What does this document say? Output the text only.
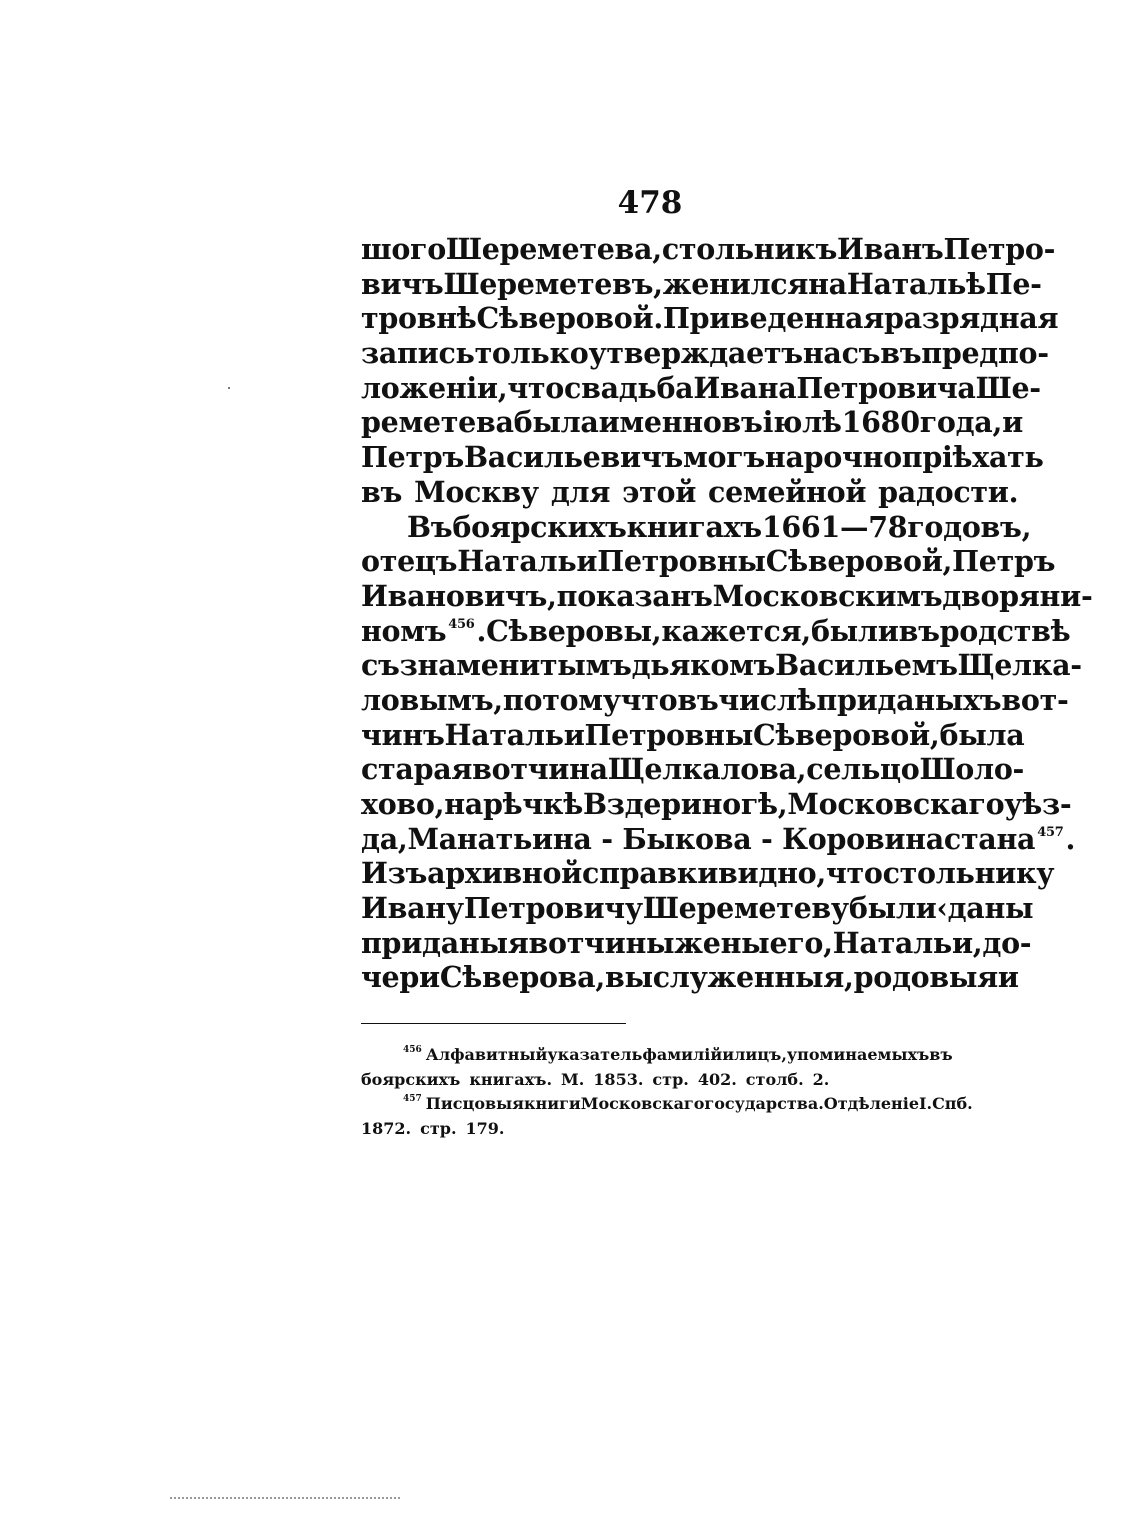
478
шого Шереметева, стольникъ Иванъ Петро-
вичъ Шереметевъ, женился на Натальѣ Пе-
тровнѣ Сѣверовой. Приведенная разрядная
запись только утверждаетъ насъ въ предпо-
ложеніи, что свадьба Ивана Петровича Ше-
реметева была именно въ іюлѣ 1680 года, и
Петръ Васильевичъ могъ нарочно пріѣхать
въ Москву для этой семейной радости.
Въ боярскихъ книгахъ 1661 — 78 годовъ,
отецъ Натальи Петровны Сѣверовой, Петръ
Ивановичъ, показанъ Московскимъ дворяни-
номъ $^{456}$. Сѣверовы, кажется, были въ родствѣ
съ знаменитымъ дьякомъ Васильемъ Щелка-
ловымъ, потому что въ числѣ приданыхъ вот-
чинъ Натальи Петровны Сѣверовой, была
старая вотчина Щелкалова, сельцо Шоло-
хово, на рѣчкѣ Вздериногѣ, Московскаго уѣз-
да, Манатьина - Быкова - Коровина стана $^{457}$.
Изъ архивной справки видно, что стольнику
Ивану Петровичу Шереметеву были ‹даны
приданыя вотчины жены его, Натальи, до-
чери Сѣверова, выслуженныя, родовыя и
$^{456}$ Алфавитный указатель фамилій и лицъ, упоминаемыхъ въ
боярскихъ книгахъ. М. 1853. стр. 402. столб. 2.
$^{457}$ Писцовыя книги Московскаго государства. Отдѣленіе І. Спб.
1872. стр. 179.
